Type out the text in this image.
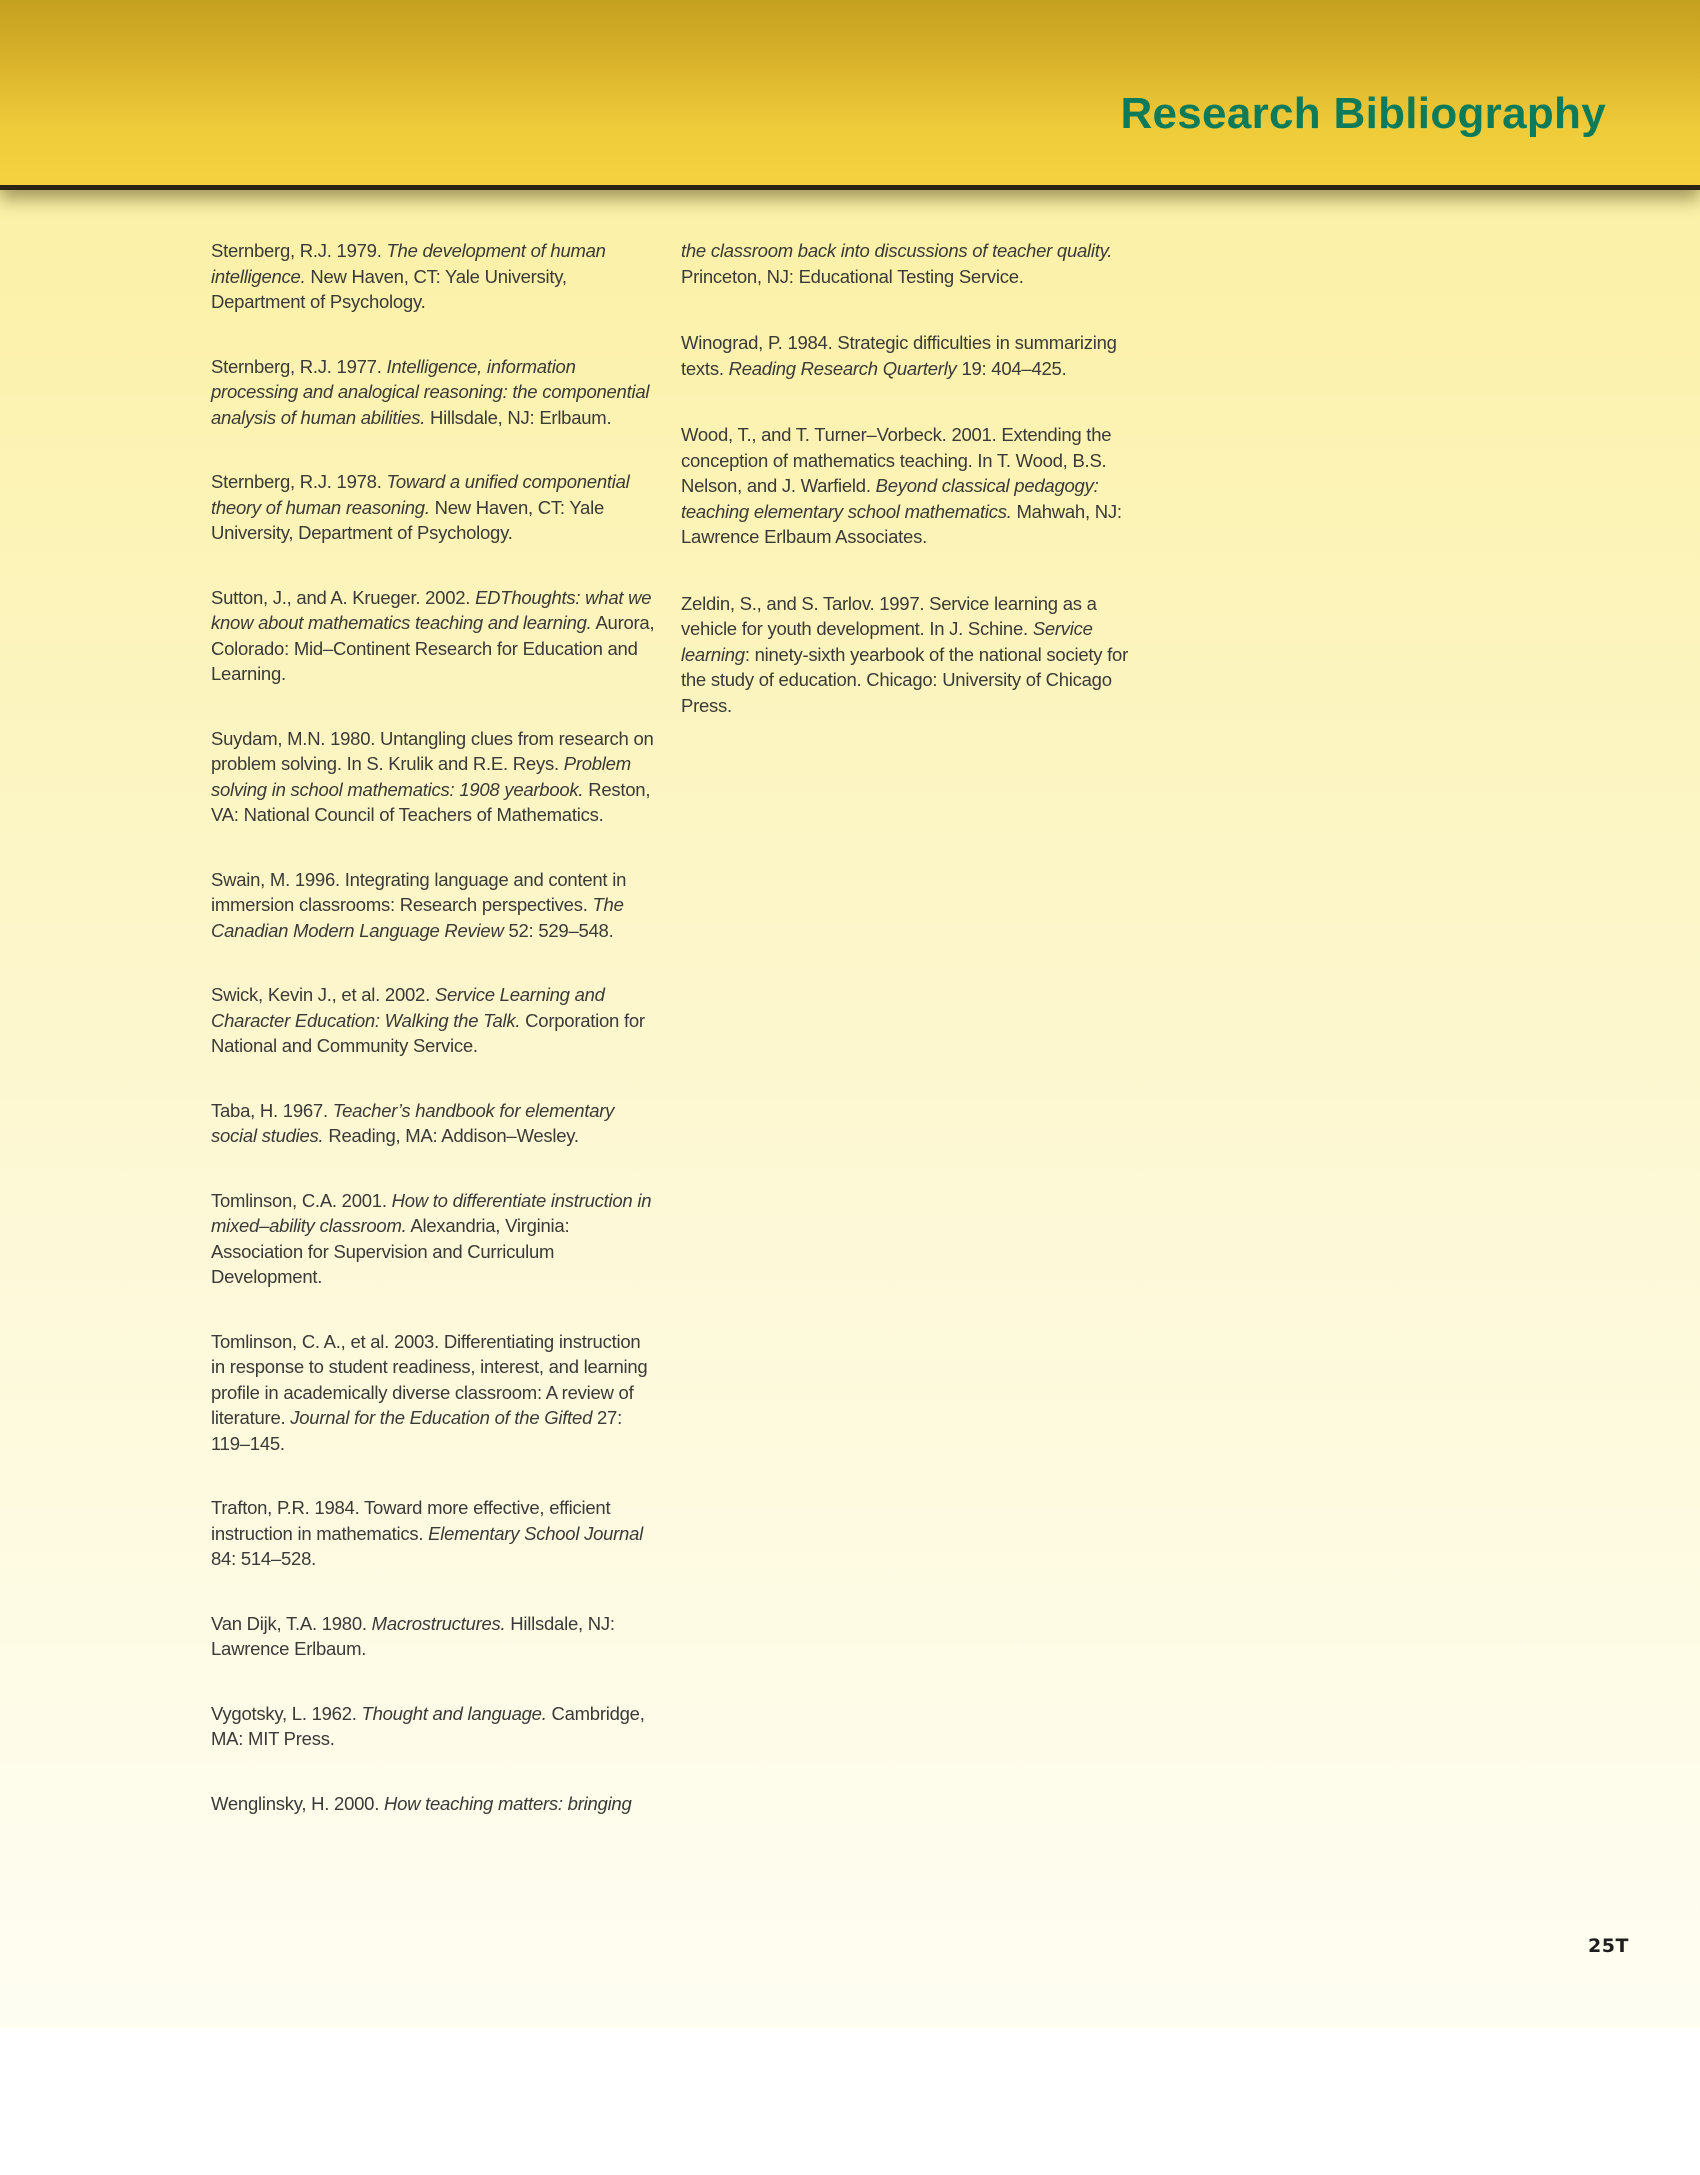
Research Bibliography

Sternberg, R.J. 1979. The development of human intelligence. New Haven, CT: Yale University, Department of Psychology.

Sternberg, R.J. 1977. Intelligence, information processing and analogical reasoning: the componential analysis of human abilities. Hillsdale, NJ: Erlbaum.

Sternberg, R.J. 1978. Toward a unified componential theory of human reasoning. New Haven, CT: Yale University, Department of Psychology.

Sutton, J., and A. Krueger. 2002. EDThoughts: what we know about mathematics teaching and learning. Aurora, Colorado: Mid–Continent Research for Education and Learning.

Suydam, M.N. 1980. Untangling clues from research on problem solving. In S. Krulik and R.E. Reys. Problem solving in school mathematics: 1908 yearbook. Reston, VA: National Council of Teachers of Mathematics.

Swain, M. 1996. Integrating language and content in immersion classrooms: Research perspectives. The Canadian Modern Language Review 52: 529–548.

Swick, Kevin J., et al. 2002. Service Learning and Character Education: Walking the Talk. Corporation for National and Community Service.

Taba, H. 1967. Teacher’s handbook for elementary social studies. Reading, MA: Addison–Wesley.

Tomlinson, C.A. 2001. How to differentiate instruction in mixed–ability classroom. Alexandria, Virginia: Association for Supervision and Curriculum Development.

Tomlinson, C. A., et al. 2003. Differentiating instruction in response to student readiness, interest, and learning profile in academically diverse classroom: A review of literature. Journal for the Education of the Gifted 27: 119–145.

Trafton, P.R. 1984. Toward more effective, efficient instruction in mathematics. Elementary School Journal 84: 514–528.

Van Dijk, T.A. 1980. Macrostructures. Hillsdale, NJ: Lawrence Erlbaum.

Vygotsky, L. 1962. Thought and language. Cambridge, MA: MIT Press.

Wenglinsky, H. 2000. How teaching matters: bringing

the classroom back into discussions of teacher quality. Princeton, NJ: Educational Testing Service.

Winograd, P. 1984. Strategic difficulties in summarizing texts. Reading Research Quarterly 19: 404–425.

Wood, T., and T. Turner–Vorbeck. 2001. Extending the conception of mathematics teaching. In T. Wood, B.S. Nelson, and J. Warfield. Beyond classical pedagogy: teaching elementary school mathematics. Mahwah, NJ: Lawrence Erlbaum Associates.

Zeldin, S., and S. Tarlov. 1997. Service learning as a vehicle for youth development. In J. Schine. Service learning: ninety-sixth yearbook of the national society for the study of education. Chicago: University of Chicago Press.

25T
